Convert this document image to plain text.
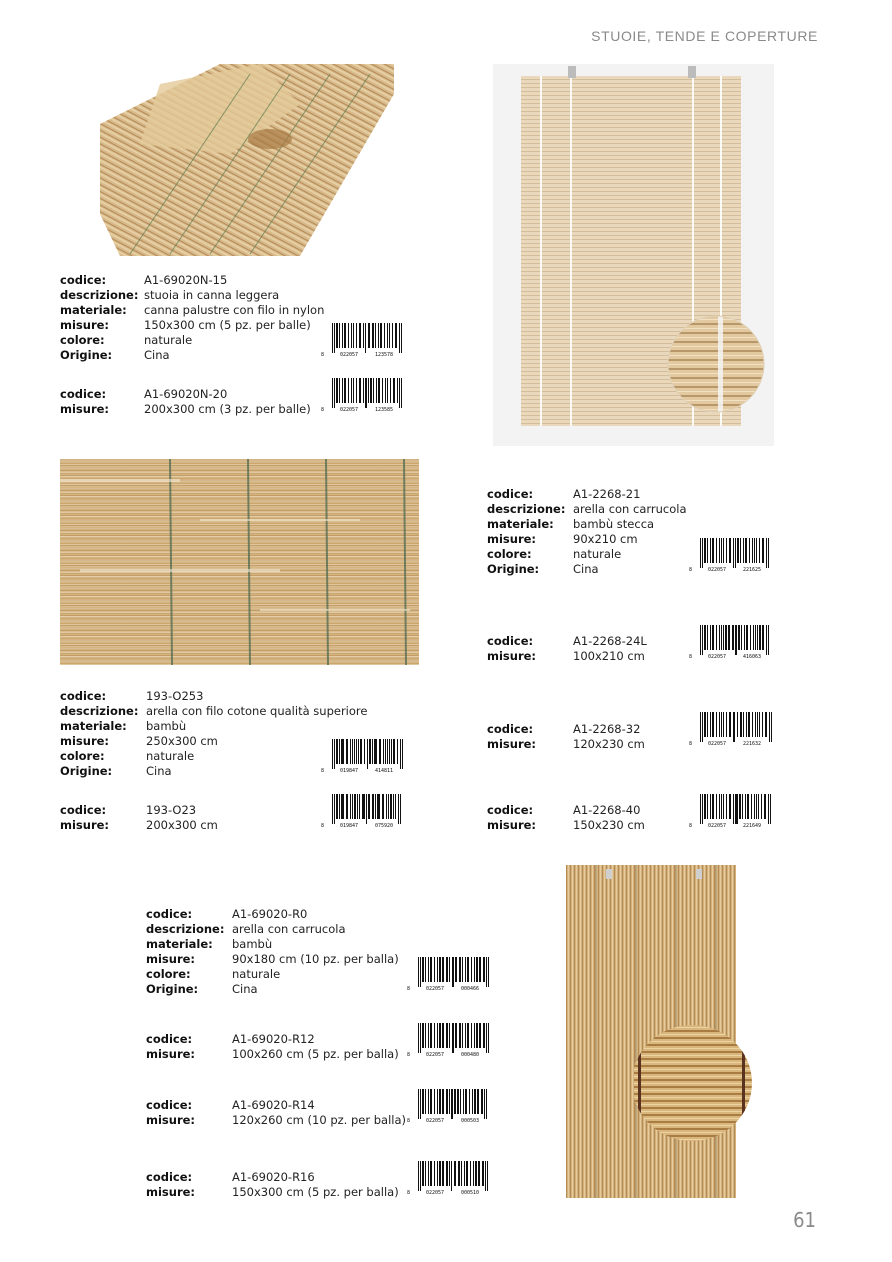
STUOIE, TENDE E COPERTURE
codice:	A1-69020N-15
descrizione: stuoia in canna leggera
materiale:	canna palustre con filo in nylon
misure:	150x300 cm (5 pz. per balle)
colore:	naturale
Origine:	Cina	8	022057	123578
codice:	A1-69020N-20
misure:	200x300 cm (3 pz. per balle) 8	022057	123585
codice:	A1-2268-21
descrizione: arella con carrucola
materiale:	bambù stecca
misure:	90x210 cm
colore:	naturale
Origine:	Cina	8	022057	221625
codice:	A1-2268-24L
misure:	100x210 cm	8	022057	416063
codice:	A1-2268-32
misure:	120x230 cm	8	022057	221632
codice:	A1-2268-40
misure:	150x230 cm	8	022057	221649
codice:	193-O253
descrizione: arella con filo cotone qualità superiore
materiale:	bambù
misure:	250x300 cm
colore:	naturale
Origine:	Cina	8	019847	414811
codice:	193-O23
misure:	200x300 cm	8	019847	075920
codice:	A1-69020-R0
descrizione: arella con carrucola
materiale:	bambù
misure:	90x180 cm (10 pz. per balla)
colore:	naturale
Origine:	Cina	8	022057	000466
codice:	A1-69020-R12
misure:	100x260 cm (5 pz. per balla) 8	022057	000480
codice:	A1-69020-R14
misure:	120x260 cm (10 pz. per balla) 8	022057	000503
codice:	A1-69020-R16
misure:	150x300 cm (5 pz. per balla) 8	022057	000510
61
